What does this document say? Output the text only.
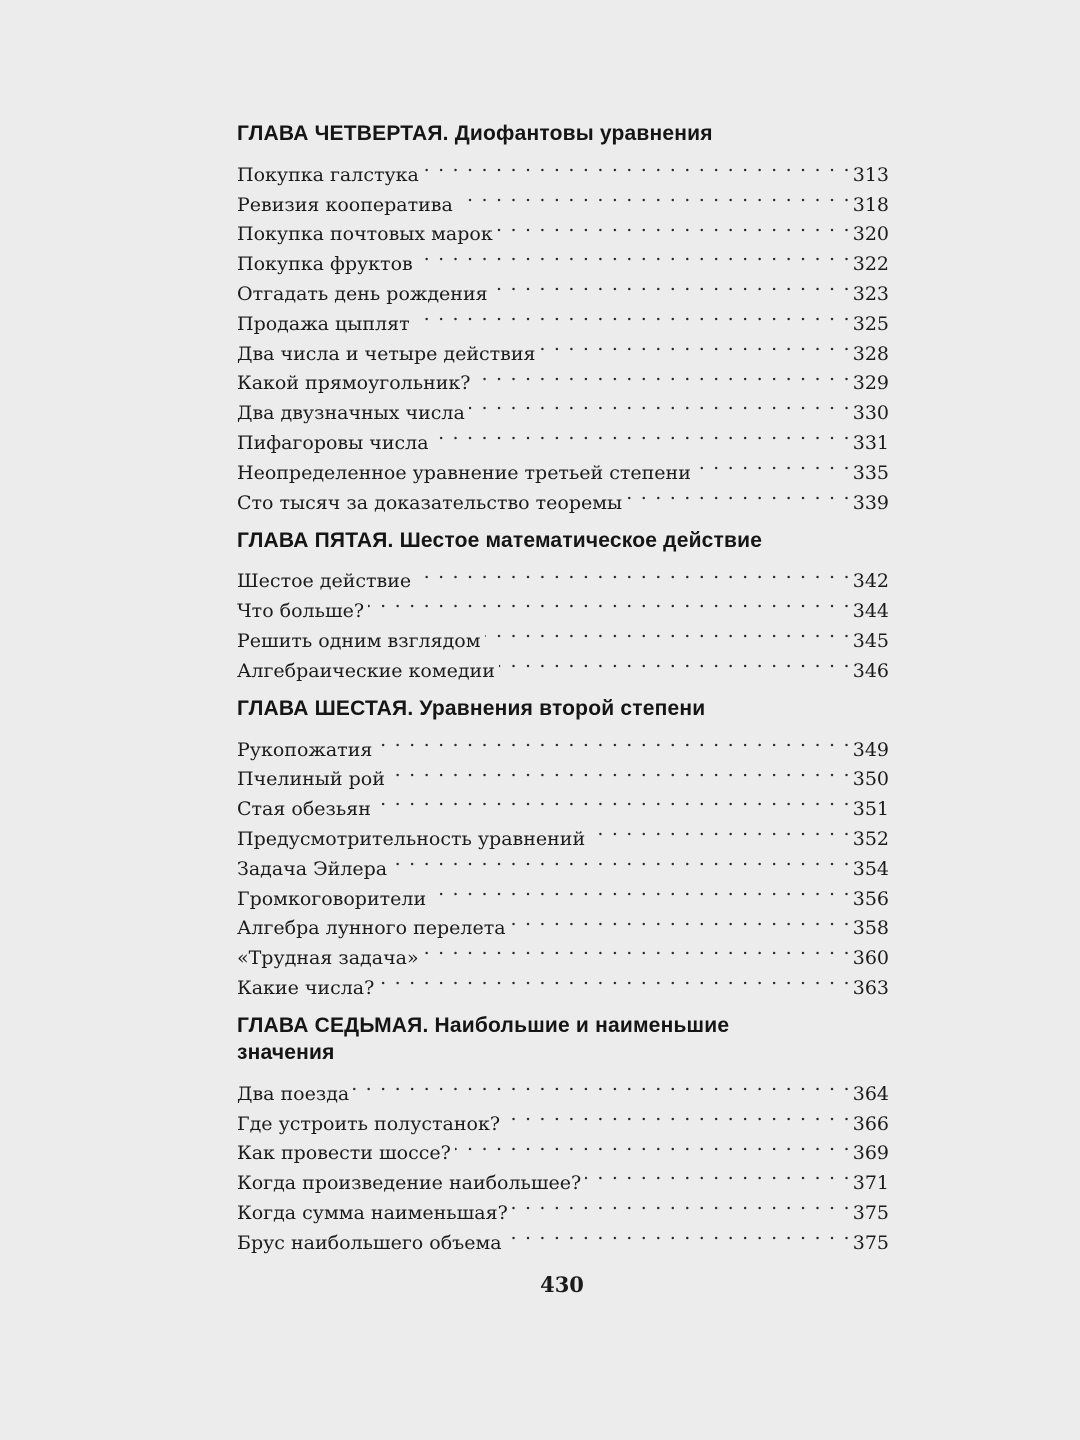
ГЛАВА ЧЕТВЕРТАЯ. Диофантовы уравнения
Покупка галстука . . .	313
Ревизия кооператива . . .	318
Покупка почтовых марок . . .	320
Покупка фруктов . . .	322
Отгадать день рождения . . .	323
Продажа цыплят . . .	325
Два числа и четыре действия . . .	328
Какой прямоугольник? . . .	329
Два двузначных числа . . .	330
Пифагоровы числа . . .	331
Неопределенное уравнение третьей степени . . .	335
Сто тысяч за доказательство теоремы . . .	339
ГЛАВА ПЯТАЯ. Шестое математическое действие
Шестое действие . . .	342
Что больше? . . .	344
Решить одним взглядом . . .	345
Алгебраические комедии . . .	346
ГЛАВА ШЕСТАЯ. Уравнения второй степени
Рукопожатия . . .	349
Пчелиный рой . . .	350
Стая обезьян . . .	351
Предусмотрительность уравнений . . .	352
Задача Эйлера . . .	354
Громкоговорители . . .	356
Алгебра лунного перелета . . .	358
«Трудная задача» . . .	360
Какие числа? . . .	363
ГЛАВА СЕДЬМАЯ. Наибольшие и наименьшие
значения
Два поезда . . .	364
Где устроить полустанок? . . .	366
Как провести шоссе? . . .	369
Когда произведение наибольшее? . . .	371
Когда сумма наименьшая? . . .	375
Брус наибольшего объема . . .	375
430
